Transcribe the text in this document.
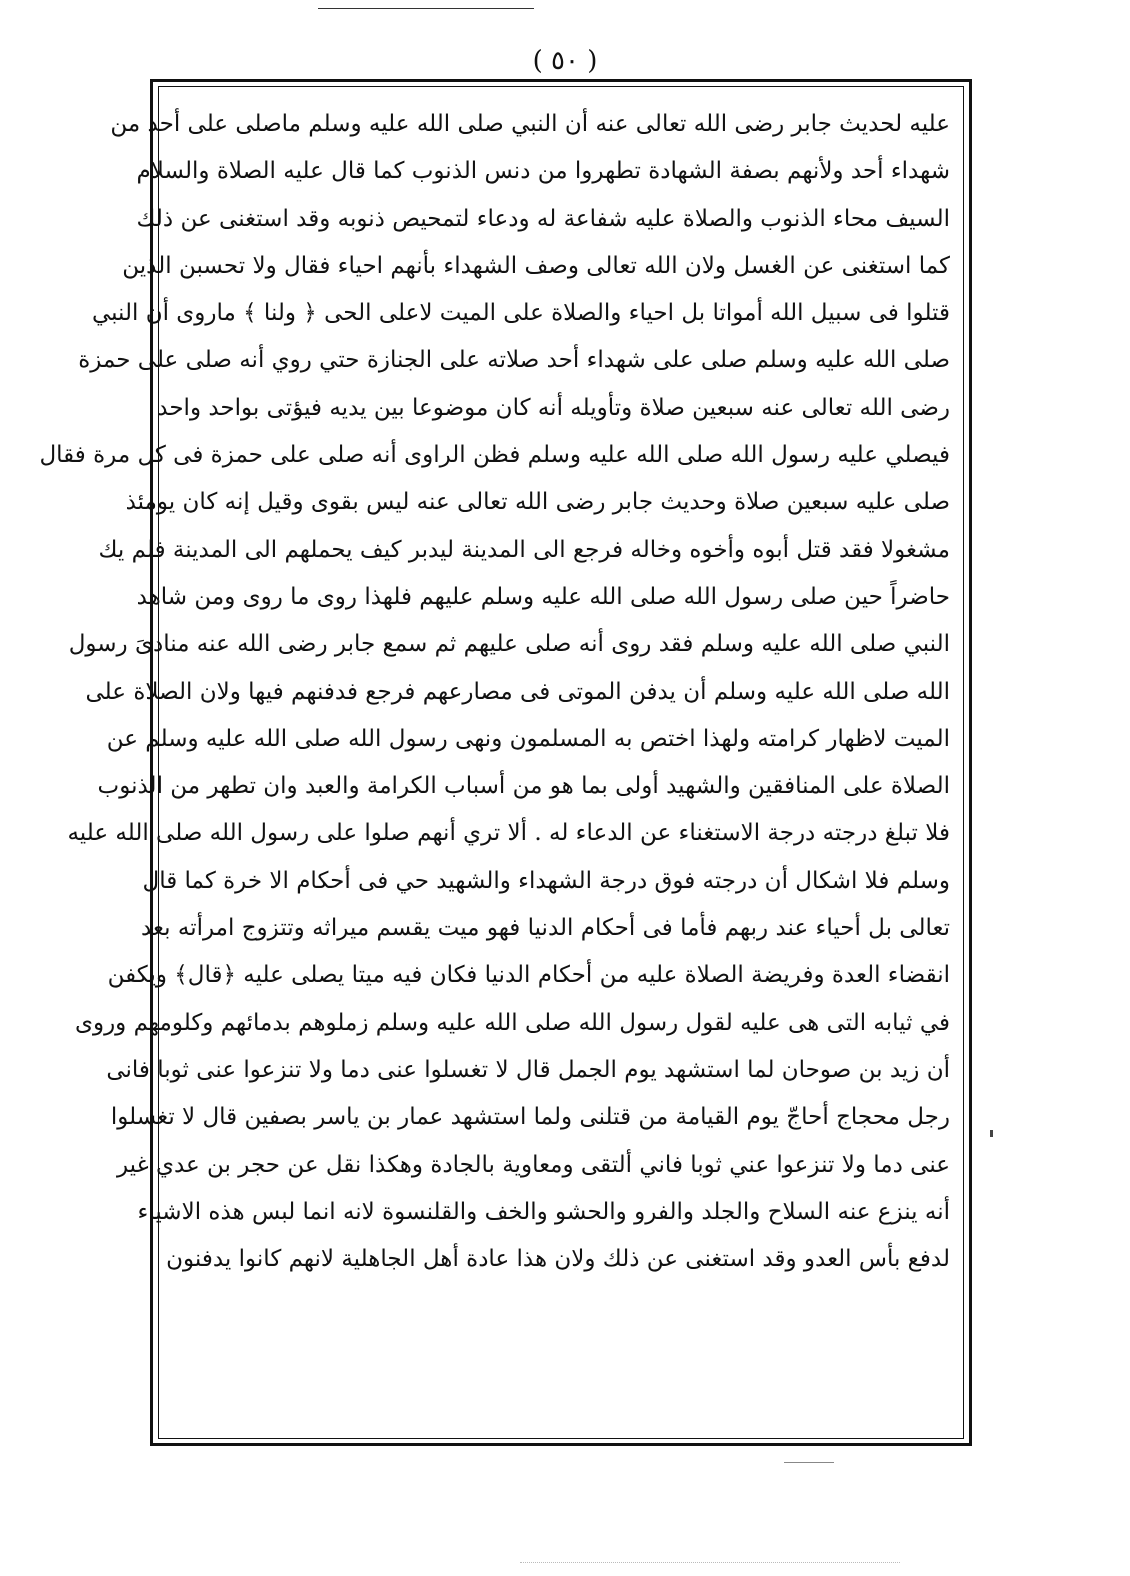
( ٥٠ )
عليه لحديث جابر رضى الله تعالى عنه أن النبي صلى الله عليه وسلم ماصلى على أحد من
شهداء أحد ولأنهم بصفة الشهادة تطهروا من دنس الذنوب كما قال عليه الصلاة والسلام
السيف محاء الذنوب والصلاة عليه شفاعة له ودعاء لتمحيص ذنوبه وقد استغنى عن ذلك
كما استغنى عن الغسل ولان الله تعالى وصف الشهداء بأنهم احياء فقال ولا تحسبن الذين
قتلوا فى سبيل الله أمواتا بل احياء والصلاة على الميت لاعلى الحى ﴿ ولنا ﴾ ماروى أن النبي
صلى الله عليه وسلم صلى على شهداء أحد صلاته على الجنازة حتي روي أنه صلى على حمزة
رضى الله تعالى عنه سبعين صلاة وتأويله أنه كان موضوعا بين يديه فيؤتى بواحد واحد
فيصلي عليه رسول الله صلى الله عليه وسلم فظن الراوى أنه صلى على حمزة فى كل مرة فقال
صلى عليه سبعين صلاة وحديث جابر رضى الله تعالى عنه ليس بقوى وقيل إنه كان يومئذ
مشغولا فقد قتل أبوه وأخوه وخاله فرجع الى المدينة ليدبر كيف يحملهم الى المدينة فلم يك
حاضراً حين صلى رسول الله صلى الله عليه وسلم عليهم فلهذا روى ما روى ومن شاهد
النبي صلى الله عليه وسلم فقد روى أنه صلى عليهم ثم سمع جابر رضى الله عنه منادىَ رسول
الله صلى الله عليه وسلم أن يدفن الموتى فى مصارعهم فرجع فدفنهم فيها ولان الصلاة على
الميت لاظهار كرامته ولهذا اختص به المسلمون ونهى رسول الله صلى الله عليه وسلم عن
الصلاة على المنافقين والشهيد أولى بما هو من أسباب الكرامة والعبد وان تطهر من الذنوب
فلا تبلغ درجته درجة الاستغناء عن الدعاء له . ألا تري أنهم صلوا على رسول الله صلى الله عليه
وسلم فلا اشكال أن درجته فوق درجة الشهداء والشهيد حي فى أحكام الا خرة كما قال
تعالى بل أحياء عند ربهم فأما فى أحكام الدنيا فهو ميت يقسم ميراثه وتتزوج امرأته بعد
انقضاء العدة وفريضة الصلاة عليه من أحكام الدنيا فكان فيه ميتا يصلى عليه ﴿قال﴾ ويكفن
في ثيابه التى هى عليه لقول رسول الله صلى الله عليه وسلم زملوهم بدمائهم وكلومهم وروى
أن زيد بن صوحان لما استشهد يوم الجمل قال لا تغسلوا عنى دما ولا تنزعوا عنى ثوبا فانى
رجل محجاج أحاجّ يوم القيامة من قتلنى ولما استشهد عمار بن ياسر بصفين قال لا تغسلوا
عنى دما ولا تنزعوا عني ثوبا فاني ألتقى ومعاوية بالجادة وهكذا نقل عن حجر بن عدي غير
أنه ينزع عنه السلاح والجلد والفرو والحشو والخف والقلنسوة لانه انما لبس هذه الاشياء
لدفع بأس العدو وقد استغنى عن ذلك ولان هذا عادة أهل الجاهلية لانهم كانوا يدفنون
